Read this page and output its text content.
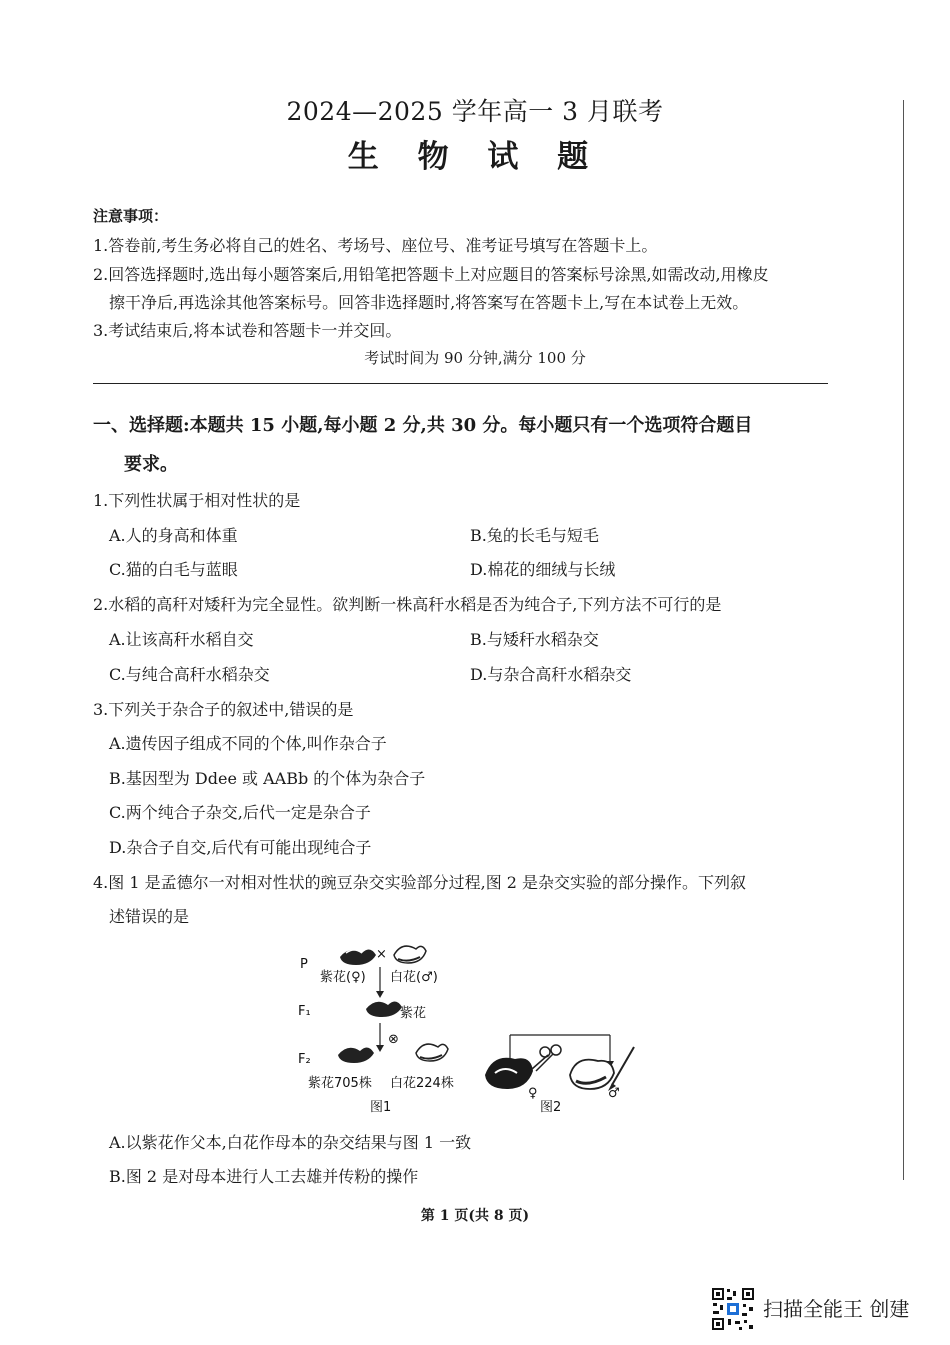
2024—2025 学年高一 3 月联考
生 物 试 题
注意事项：
1.答卷前,考生务必将自己的姓名、考场号、座位号、准考证号填写在答题卡上。
2.回答选择题时,选出每小题答案后,用铅笔把答题卡上对应题目的答案标号涂黑,如需改动,用橡皮
擦干净后,再选涂其他答案标号。回答非选择题时,将答案写在答题卡上,写在本试卷上无效。
3.考试结束后,将本试卷和答题卡一并交回。
考试时间为 90 分钟,满分 100 分
一、选择题:本题共 15 小题,每小题 2 分,共 30 分。每小题只有一个选项符合题目
要求。
1.下列性状属于相对性状的是
A.人的身高和体重	B.兔的长毛与短毛
C.猫的白毛与蓝眼	D.棉花的细绒与长绒
2.水稻的高秆对矮秆为完全显性。欲判断一株高秆水稻是否为纯合子,下列方法不可行的是
A.让该高秆水稻自交	B.与矮秆水稻杂交
C.与纯合高秆水稻杂交	D.与杂合高秆水稻杂交
3.下列关于杂合子的叙述中,错误的是
A.遗传因子组成不同的个体,叫作杂合子
B.基因型为 Ddee 或 AABb 的个体为杂合子
C.两个纯合子杂交,后代一定是杂合子
D.杂合子自交,后代有可能出现纯合子
4.图 1 是孟德尔一对相对性状的豌豆杂交实验部分过程,图 2 是杂交实验的部分操作。下列叙
述错误的是
P
×
紫花(♀) 白花(♂)
F₁	紫花
⊗
F₂
紫花705株 白花224株
图1
♀	♂
图2
A.以紫花作父本,白花作母本的杂交结果与图 1 一致
B.图 2 是对母本进行人工去雄并传粉的操作
第 1 页(共 8 页)
扫描全能王 创建
